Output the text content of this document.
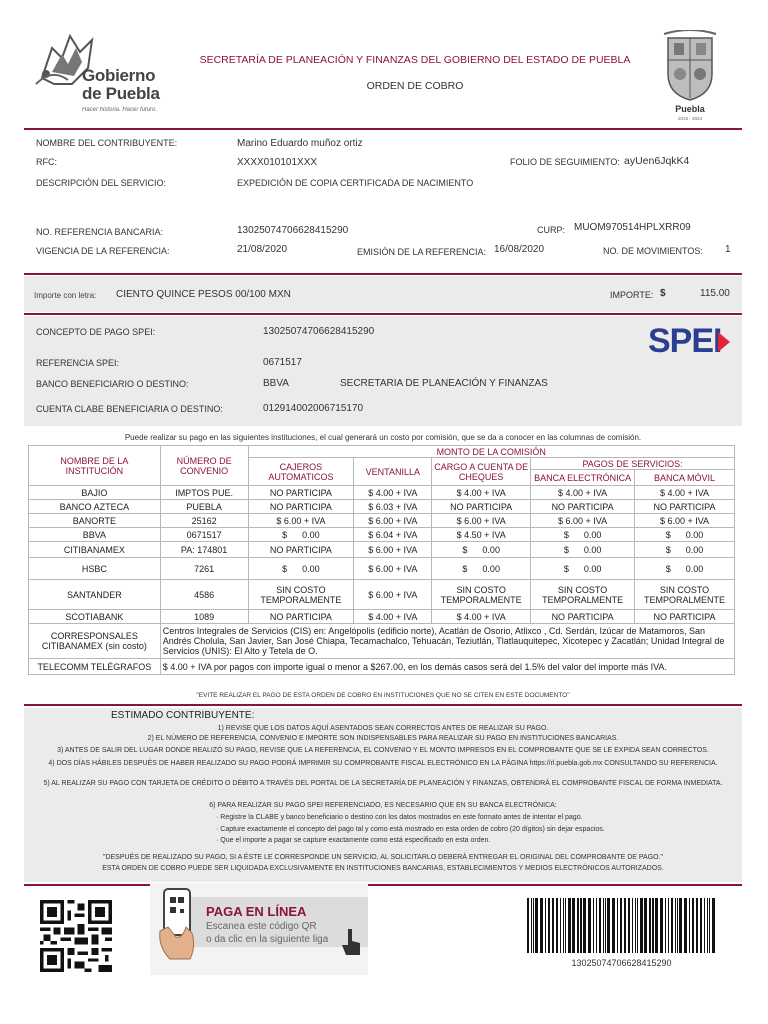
Gobierno
de Puebla
Hacer historia. Hacer futuro.
SECRETARÍA DE PLANEACIÓN Y FINANZAS DEL GOBIERNO DEL ESTADO DE PUEBLA
ORDEN DE COBRO
Puebla
2019 - 2024
NOMBRE DEL CONTRIBUYENTE:	Marino Eduardo muñoz ortiz
RFC:	XXXX010101XXX	FOLIO DE SEGUIMIENTO: ayUen6JqkK4
DESCRIPCIÓN DEL SERVICIO:	EXPEDICIÓN DE COPIA CERTIFICADA DE NACIMIENTO
NO. REFERENCIA BANCARIA:	13025074706628415290	CURP: MUOM970514HPLXRR09
VIGENCIA DE LA REFERENCIA:	21/08/2020	EMISIÓN DE LA REFERENCIA: 16/08/2020	NO. DE MOVIMIENTOS: 1
Importe con letra: CIENTO QUINCE PESOS 00/100 MXN	IMPORTE: $	115.00
CONCEPTO DE PAGO SPEI:	13025074706628415290
REFERENCIA SPEI:	0671517
BANCO BENEFICIARIO O DESTINO:	BBVA	SECRETARIA DE PLANEACIÓN Y FINANZAS
CUENTA CLABE BENEFICIARIA O DESTINO:	012914002006715170
SPEI
Puede realizar su pago en las siguientes instituciones, el cual generará un costo por comisión, que se da a conocer en las columnas de comisión.
NOMBRE DE LA INSTITUCIÓN	NÚMERO DE CONVENIO	MONTO DE LA COMISIÓN				
		CAJEROS AUTOMATICOS	VENTANILLA	CARGO A CUENTA DE CHEQUES	PAGOS DE SERVICIOS:	
					BANCA ELECTRÓNICA	BANCA MÓVIL
BAJIO	IMPTOS PUE.	NO PARTICIPA	$ 4.00 + IVA	$ 4.00 + IVA	$ 4.00 + IVA	$ 4.00 + IVA
BANCO AZTECA	PUEBLA	NO PARTICIPA	$ 6.03 + IVA	NO PARTICIPA	NO PARTICIPA	NO PARTICIPA
BANORTE	25162	$ 6.00 + IVA	$ 6.00 + IVA	$ 6.00 + IVA	$ 6.00 + IVA	$ 6.00 + IVA
BBVA	0671517	$      0.00	$ 6.04 + IVA	$ 4.50 + IVA	$      0.00	$      0.00
CITIBANAMEX	PA: 174801	NO PARTICIPA	$ 6.00 + IVA	$      0.00	$      0.00	$      0.00
HSBC	7261	$      0.00	$ 6.00 + IVA	$      0.00	$      0.00	$      0.00
SANTANDER	4586	SIN COSTO TEMPORALMENTE	$ 6.00 + IVA	SIN COSTO TEMPORALMENTE	SIN COSTO TEMPORALMENTE	SIN COSTO TEMPORALMENTE
SCOTIABANK	1089	NO PARTICIPA	$ 4.00 + IVA	$ 4.00 + IVA	NO PARTICIPA	NO PARTICIPA
CORRESPONSALES CITIBANAMEX (sin costo)	Centros Integrales de Servicios (CIS) en: Angelópolis (edificio norte), Acatlán de Osorio, Atlixco , Cd. Serdán, Izúcar de Matamoros, San Andrés Cholula, San Javier, San José Chiapa, Tecamachalco, Tehuacán, Teziutlán, Tlatlauquitepec, Xicotepec y Zacatlán; Unidad Integral de Servicios (UNIS): El Alto y Tetela de O.					
TELECOMM TELÉGRAFOS	$ 4.00 + IVA por pagos con importe igual o menor a $267.00, en los demás casos será del 1.5% del valor del importe más IVA.					
"EVITE REALIZAR EL PAGO DE ESTA ORDEN DE COBRO EN INSTITUCIONES QUE NO SE CITEN EN ESTE DOCUMENTO"
ESTIMADO CONTRIBUYENTE:
1) REVISE QUE LOS DATOS AQUÍ ASENTADOS SEAN CORRECTOS ANTES DE REALIZAR SU PAGO.
2) EL NÚMERO DE REFERENCIA, CONVENIO E IMPORTE SON INDISPENSABLES PARA REALIZAR SU PAGO EN INSTITUCIONES BANCARIAS.
3) ANTES DE SALIR DEL LUGAR DONDE REALIZÓ SU PAGO, REVISE QUE LA REFERENCIA, EL CONVENIO Y EL MONTO IMPRESOS EN EL COMPROBANTE QUE SE LE EXPIDA SEAN CORRECTOS.
4) DOS DÍAS HÁBILES DESPUÉS DE HABER REALIZADO SU PAGO PODRÁ IMPRIMIR SU COMPROBANTE FISCAL ELECTRÓNICO EN LA PÁGINA https://rl.puebla.gob.mx CONSULTANDO SU REFERENCIA.
5) AL REALIZAR SU PAGO CON TARJETA DE CRÉDITO O DÉBITO A TRAVÉS DEL PORTAL DE LA SECRETARÍA DE PLANEACIÓN Y FINANZAS, OBTENDRÁ EL COMPROBANTE FISCAL DE FORMA INMEDIATA.
6) PARA REALIZAR SU PAGO SPEI REFERENCIADO, ES NECESARIO QUE EN SU BANCA ELECTRÓNICA:
· Registre la CLABE y banco beneficiario o destino con los datos mostrados en este formato antes de intentar el pago.
· Capture exactamente el concepto del pago tal y como está mostrado en esta orden de cobro (20 dígitos) sin dejar espacios.
· Que el importe a pagar se capture exactamente como está especificado en esta orden.
"DESPUÉS DE REALIZADO SU PAGO, SI A ÉSTE LE CORRESPONDE UN SERVICIO, AL SOLICITARLO DEBERÁ ENTREGAR EL ORIGINAL DEL COMPROBANTE DE PAGO."
ESTA ORDEN DE COBRO PUEDE SER LIQUIDADA EXCLUSIVAMENTE EN INSTITUCIONES BANCARIAS, ESTABLECIMIENTOS Y MEDIOS ELECTRÓNICOS AUTORIZADOS.
PAGA EN LÍNEA
Escanea este código QR
o da clic en la siguiente liga
13025074706628415290
